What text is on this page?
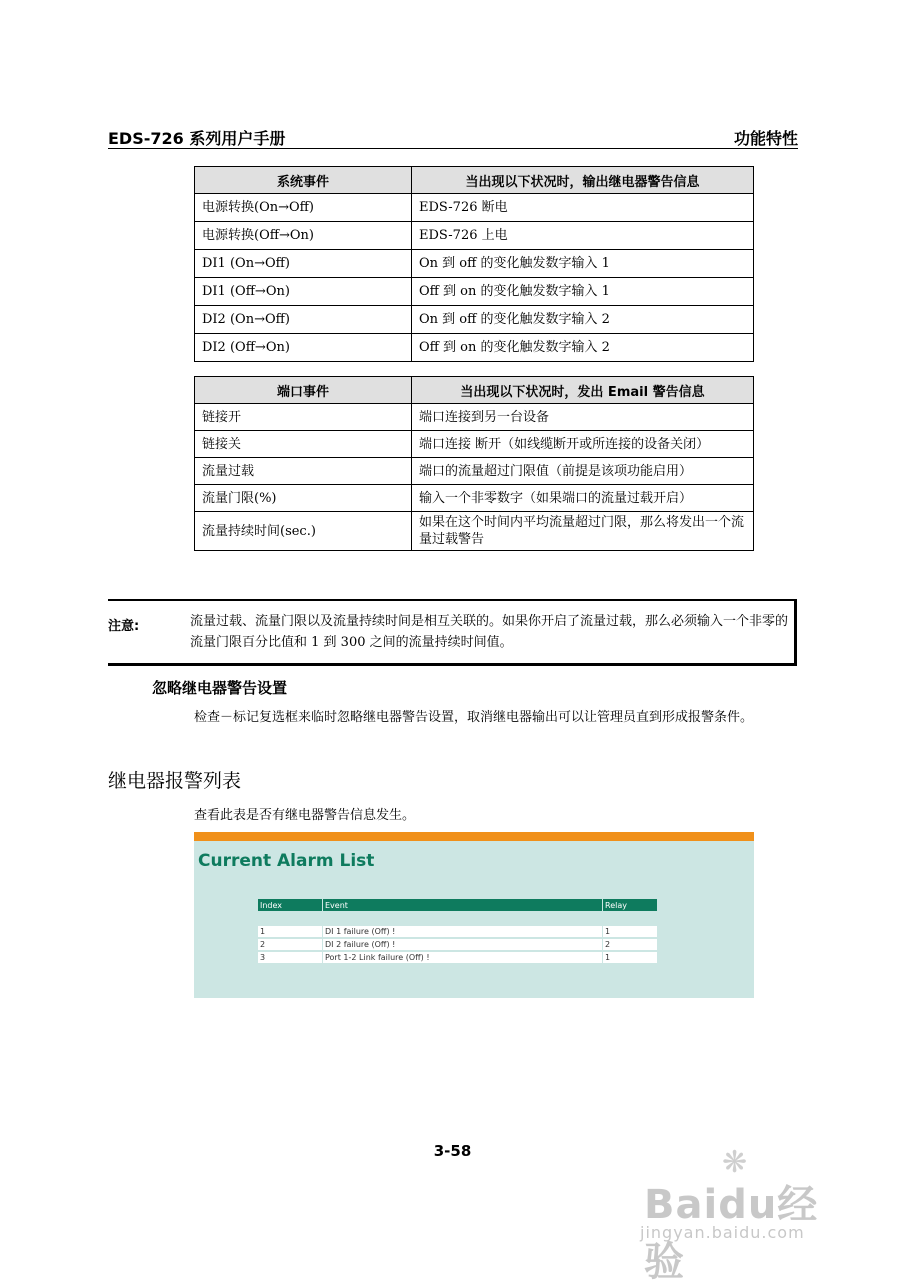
EDS-726 系列用户手册	功能特性
系统事件	当出现以下状况时，输出继电器警告信息
电源转换(On→Off)	EDS-726 断电
电源转换(Off→On)	EDS-726 上电
DI1 (On→Off)	On 到 off 的变化触发数字输入 1
DI1 (Off→On)	Off 到 on 的变化触发数字输入 1
DI2 (On→Off)	On 到 off 的变化触发数字输入 2
DI2 (Off→On)	Off 到 on 的变化触发数字输入 2
端口事件	当出现以下状况时，发出 Email 警告信息
链接开	端口连接到另一台设备
链接关	端口连接 断开（如线缆断开或所连接的设备关闭）
流量过载	端口的流量超过门限值（前提是该项功能启用）
流量门限(%)	输入一个非零数字（如果端口的流量过载开启）
流量持续时间(sec.)	如果在这个时间内平均流量超过门限，那么将发出一个流量过载警告
注意:	流量过载、流量门限以及流量持续时间是相互关联的。如果你开启了流量过载，那么必须输入一个非零的流量门限百分比值和 1 到 300 之间的流量持续时间值。
忽略继电器警告设置
检查－标记复选框来临时忽略继电器警告设置，取消继电器输出可以让管理员直到形成报警条件。
继电器报警列表
查看此表是否有继电器警告信息发生。
Current Alarm List
Index	Event	Relay

1	DI 1 failure (Off) !	1
2	DI 2 failure (Off) !	2
3	Port 1-2 Link failure (Off) !	1
3-58	❋
Baidu经验
jingyan.baidu.com
